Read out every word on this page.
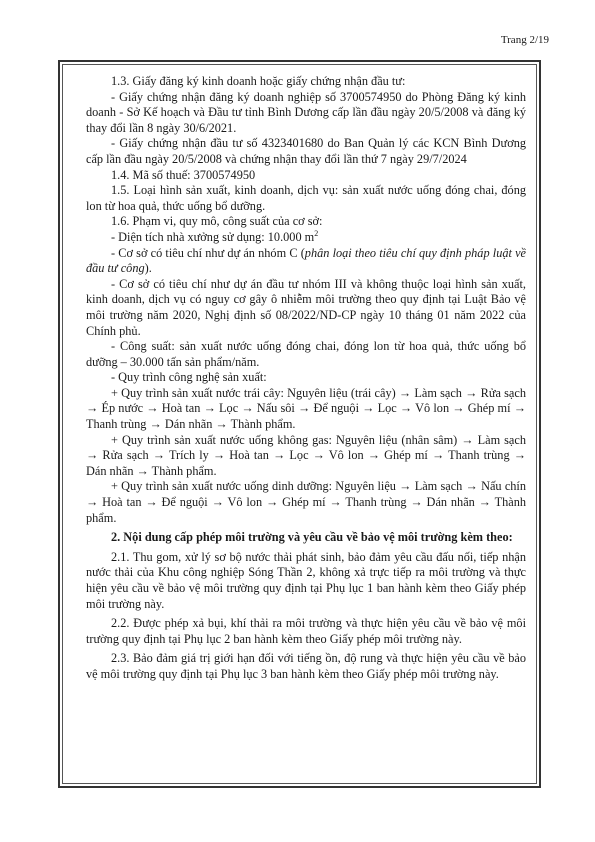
Trang 2/19

1.3. Giấy đăng ký kinh doanh hoặc giấy chứng nhận đầu tư:

- Giấy chứng nhận đăng ký doanh nghiệp số 3700574950 do Phòng Đăng ký kinh doanh - Sở Kế hoạch và Đầu tư tỉnh Bình Dương cấp lần đầu ngày 20/5/2008 và đăng ký thay đổi lần 8 ngày 30/6/2021.

- Giấy chứng nhận đầu tư số 4323401680 do Ban Quản lý các KCN Bình Dương cấp lần đầu ngày 20/5/2008 và chứng nhận thay đổi lần thứ 7 ngày 29/7/2024

1.4. Mã số thuế: 3700574950

1.5. Loại hình sản xuất, kinh doanh, dịch vụ: sản xuất nước uống đóng chai, đóng lon từ hoa quả, thức uống bổ dưỡng.

1.6. Phạm vi, quy mô, công suất của cơ sở:

- Diện tích nhà xưởng sử dụng: 10.000 $m^2$

- Cơ sở có tiêu chí như dự án nhóm C (phân loại theo tiêu chí quy định pháp luật về đầu tư công).

- Cơ sở có tiêu chí như dự án đầu tư nhóm III và không thuộc loại hình sản xuất, kinh doanh, dịch vụ có nguy cơ gây ô nhiễm môi trường theo quy định tại Luật Bảo vệ môi trường năm 2020, Nghị định số 08/2022/ND-CP ngày 10 tháng 01 năm 2022 của Chính phủ.

- Công suất: sản xuất nước uống đóng chai, đóng lon từ hoa quả, thức uống bổ dưỡng – 30.000 tấn sản phẩm/năm.

- Quy trình công nghệ sản xuất:

+ Quy trình sản xuất nước trái cây: Nguyên liệu (trái cây) → Làm sạch → Rửa sạch → Ép nước → Hoà tan → Lọc → Nấu sôi → Để nguội → Lọc → Vô lon → Ghép mí → Thanh trùng → Dán nhãn → Thành phẩm.

+ Quy trình sản xuất nước uống không gas: Nguyên liệu (nhân sâm) → Làm sạch → Rửa sạch → Trích ly → Hoà tan → Lọc → Vô lon → Ghép mí → Thanh trùng → Dán nhãn → Thành phẩm.

+ Quy trình sản xuất nước uống dinh dưỡng: Nguyên liệu → Làm sạch → Nấu chín → Hoà tan → Để nguội → Vô lon → Ghép mí → Thanh trùng → Dán nhãn → Thành phẩm.

2. Nội dung cấp phép môi trường và yêu cầu về bảo vệ môi trường kèm theo:

2.1. Thu gom, xử lý sơ bộ nước thải phát sinh, bảo đảm yêu cầu đấu nối, tiếp nhận nước thải của Khu công nghiệp Sóng Thần 2, không xả trực tiếp ra môi trường và thực hiện yêu cầu về bảo vệ môi trường quy định tại Phụ lục 1 ban hành kèm theo Giấy phép môi trường này.

2.2. Được phép xả bụi, khí thải ra môi trường và thực hiện yêu cầu về bảo vệ môi trường quy định tại Phụ lục 2 ban hành kèm theo Giấy phép môi trường này.

2.3. Bảo đảm giá trị giới hạn đối với tiếng ồn, độ rung và thực hiện yêu cầu về bảo vệ môi trường quy định tại Phụ lục 3 ban hành kèm theo Giấy phép môi trường này.
